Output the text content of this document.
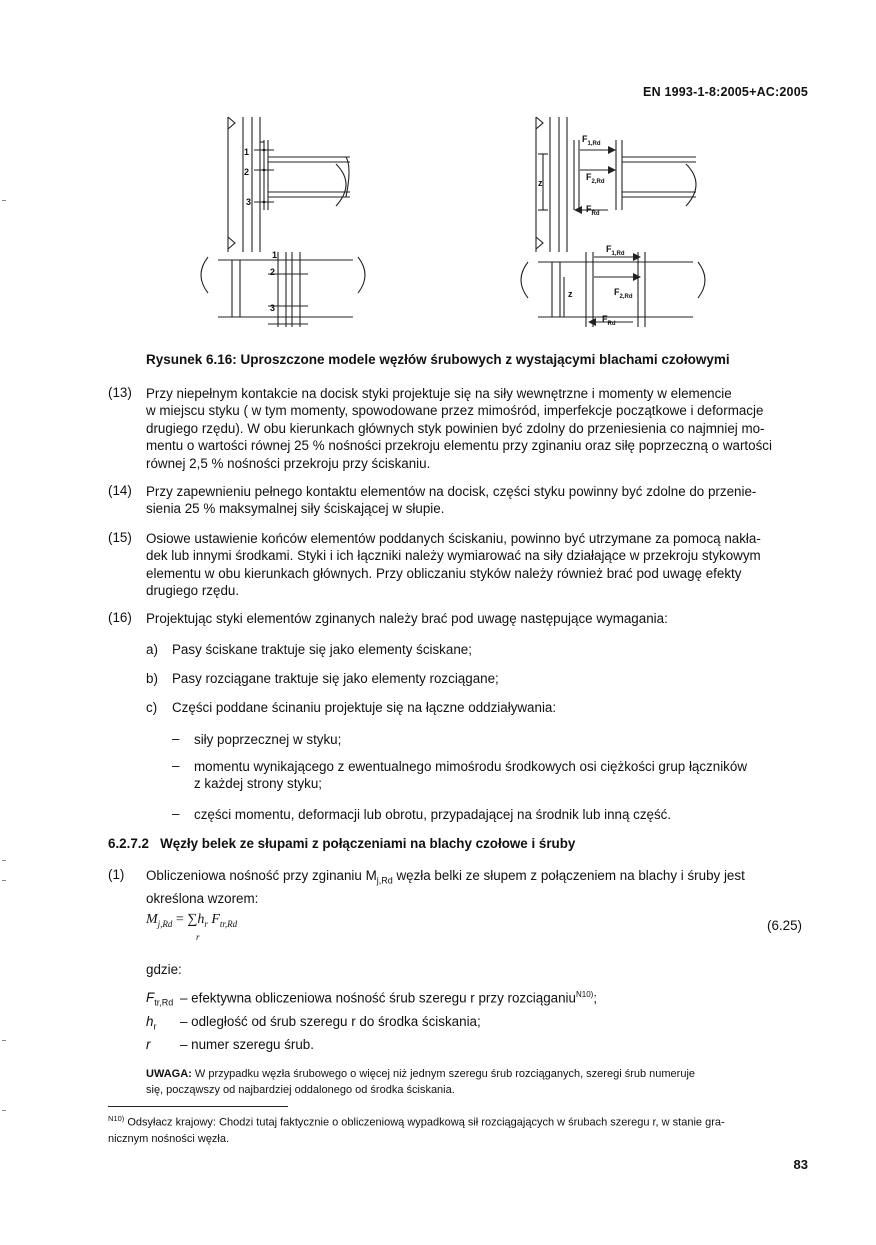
EN 1993-1-8:2005+AC:2005
1
2
3
1
2
3
$F_{1,Rd}$
$F_{2,Rd}$
$F_{Rd}$
$F_{1,Rd}$
$F_{2,Rd}$
$F_{Rd}$
z
z
Rysunek 6.16: Uproszczone modele węzłów śrubowych z wystającymi blachami czołowymi
(13) Przy niepełnym kontakcie na docisk styki projektuje się na siły wewnętrzne i momenty w elemencie
w miejscu styku ( w tym momenty, spowodowane przez mimośród, imperfekcje początkowe i deformacje
drugiego rzędu). W obu kierunkach głównych styk powinien być zdolny do przeniesienia co najmniej mo-
mentu o wartości równej 25 % nośności przekroju elementu przy zginaniu oraz siłę poprzeczną o wartości
równej 2,5 % nośności przekroju przy ściskaniu.
(14) Przy zapewnieniu pełnego kontaktu elementów na docisk, części styku powinny być zdolne do przenie-
sienia 25 % maksymalnej siły ściskającej w słupie.
(15) Osiowe ustawienie końców elementów poddanych ściskaniu, powinno być utrzymane za pomocą nakła-
dek lub innymi środkami. Styki i ich łączniki należy wymiarować na siły działające w przekroju stykowym
elementu w obu kierunkach głównych. Przy obliczaniu styków należy również brać pod uwagę efekty
drugiego rzędu.
(16) Projektując styki elementów zginanych należy brać pod uwagę następujące wymagania:
a) Pasy ściskane traktuje się jako elementy ściskane;
b) Pasy rozciągane traktuje się jako elementy rozciągane;
c) Części poddane ścinaniu projektuje się na łączne oddziaływania:
– siły poprzecznej w styku;
– momentu wynikającego z ewentualnego mimośrodu środkowych osi ciężkości grup łączników
z każdej strony styku;
– części momentu, deformacji lub obrotu, przypadającej na środnik lub inną część.
6.2.7.2 Węzły belek ze słupami z połączeniami na blachy czołowe i śruby
(1) Obliczeniowa nośność przy zginaniu $M_{j,Rd}$ węzła belki ze słupem z połączeniem na blachy i śruby jest
określona wzorem:
$M_{j,Rd} = \sum h_r$ $F_{tr,Rd}$
r
(6.25)
gdzie:
$F_{tr,Rd}$ – efektywna obliczeniowa nośność śrub szeregu r przy rozciąganiu$^{N10)}$;
$h_r$ – odległość od śrub szeregu r do środka ściskania;
r – numer szeregu śrub.
UWAGA: W przypadku węzła śrubowego o więcej niż jednym szeregu śrub rozciąganych, szeregi śrub numeruje
się, począwszy od najbardziej oddalonego od środka ściskania.
$^{N10)}$ Odsyłacz krajowy: Chodzi tutaj faktycznie o obliczeniową wypadkową sił rozciągających w śrubach szeregu r, w stanie gra-
nicznym nośności węzła.
83
